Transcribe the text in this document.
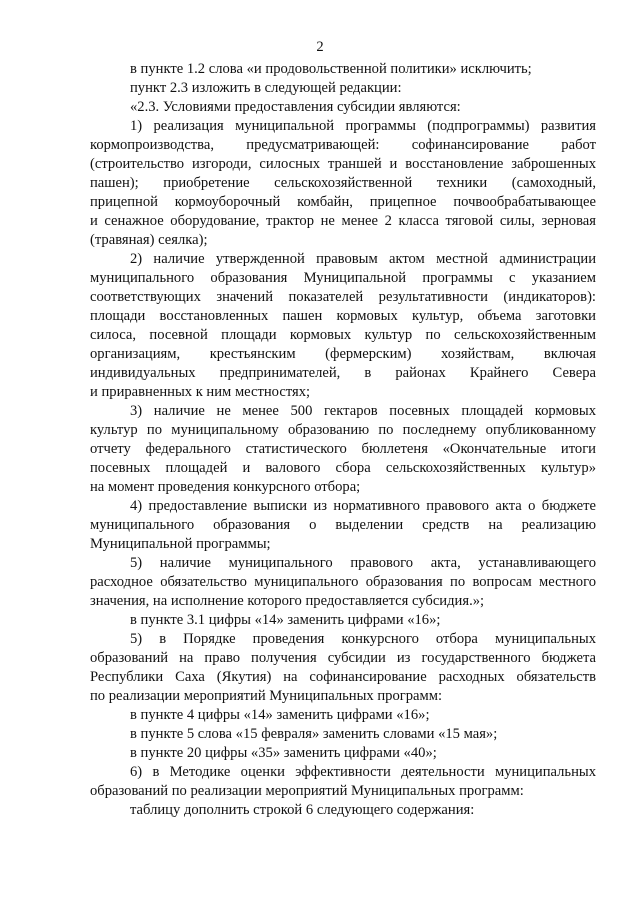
2
в пункте 1.2 слова «и продовольственной политики» исключить;
пункт 2.3 изложить в следующей редакции:
«2.3. Условиями предоставления субсидии являются:
1) реализация муниципальной программы (подпрограммы) развития
кормопроизводства, предусматривающей: софинансирование работ
(строительство изгороди, силосных траншей и восстановление заброшенных
пашен); приобретение сельскохозяйственной техники (самоходный,
прицепной кормоуборочный комбайн, прицепное почвообрабатывающее
и сенажное оборудование, трактор не менее 2 класса тяговой силы, зерновая
(травяная) сеялка);
2) наличие утвержденной правовым актом местной администрации
муниципального образования Муниципальной программы с указанием
соответствующих значений показателей результативности (индикаторов):
площади восстановленных пашен кормовых культур, объема заготовки
силоса, посевной площади кормовых культур по сельскохозяйственным
организациям, крестьянским (фермерским) хозяйствам, включая
индивидуальных предпринимателей, в районах Крайнего Севера
и приравненных к ним местностях;
3) наличие не менее 500 гектаров посевных площадей кормовых
культур по муниципальному образованию по последнему опубликованному
отчету федерального статистического бюллетеня «Окончательные итоги
посевных площадей и валового сбора сельскохозяйственных культур»
на момент проведения конкурсного отбора;
4) предоставление выписки из нормативного правового акта о бюджете
муниципального образования о выделении средств на реализацию
Муниципальной программы;
5) наличие муниципального правового акта, устанавливающего
расходное обязательство муниципального образования по вопросам местного
значения, на исполнение которого предоставляется субсидия.»;
в пункте 3.1 цифры «14» заменить цифрами «16»;
5) в Порядке проведения конкурсного отбора муниципальных
образований на право получения субсидии из государственного бюджета
Республики Саха (Якутия) на софинансирование расходных обязательств
по реализации мероприятий Муниципальных программ:
в пункте 4 цифры «14» заменить цифрами «16»;
в пункте 5 слова «15 февраля» заменить словами «15 мая»;
в пункте 20 цифры «35» заменить цифрами «40»;
6) в Методике оценки эффективности деятельности муниципальных
образований по реализации мероприятий Муниципальных программ:
таблицу дополнить строкой 6 следующего содержания:
